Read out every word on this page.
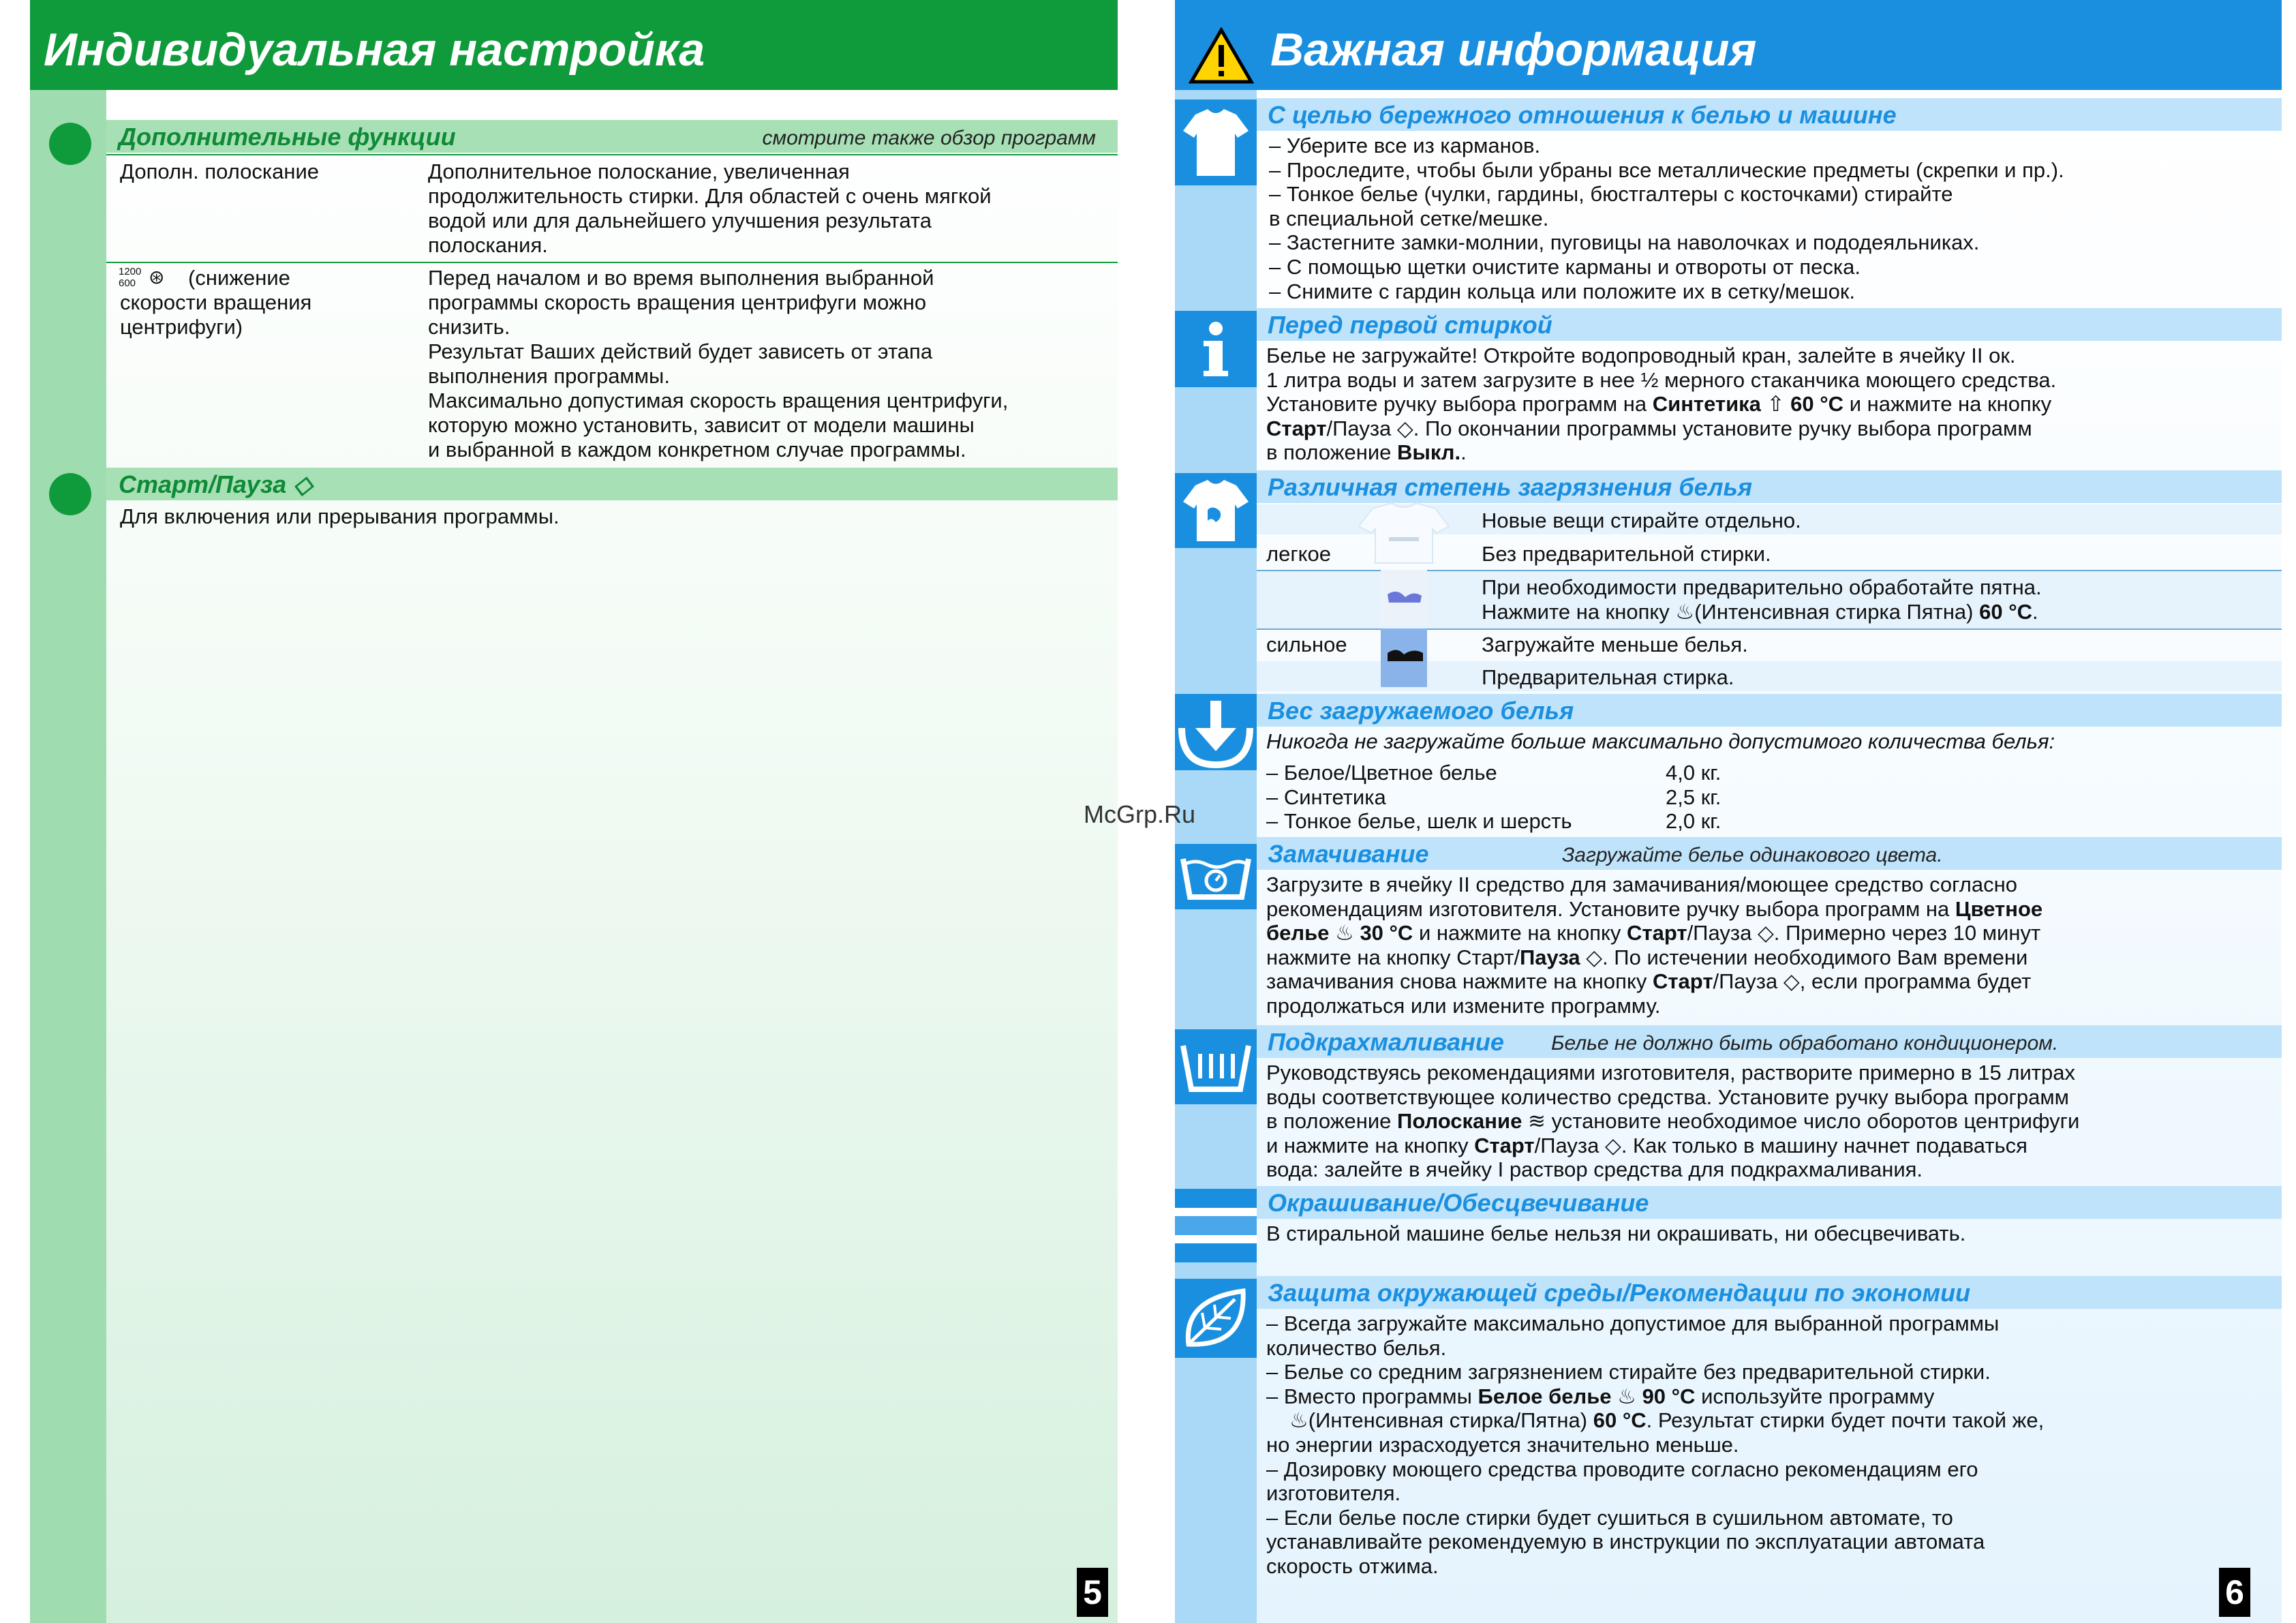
Индивидуальная настройка
Дополнительные функции	смотрите также обзор программ
Дополн. полоскание	Дополнительное полоскание, увеличенная
продолжительность стирки. Для областей с очень мягкой
водой или для дальнейшего улучшения результата
полоскания.
1200
600 ⊛	(снижение
скорости вращения
центрифуги)
Перед началом и во время выполнения выбранной
программы скорость вращения центрифуги можно
снизить.
Результат Ваших действий будет зависеть от этапа
выполнения программы.
Максимально допустимая скорость вращения центрифуги,
которую можно установить, зависит от модели машины
и выбранной в каждом конкретном случае программы.
Старт/Пауза ◇
Для включения или прерывания программы.
5
Важная информация
С целью бережного отношения к белью и машине
– Уберите все из карманов.
– Проследите, чтобы были убраны все металлические предметы (скрепки и пр.).
– Тонкое белье (чулки, гардины, бюстгалтеры с косточками) стирайте
в специальной сетке/мешке.
– Застегните замки-молнии, пуговицы на наволочках и пододеяльниках.
– С помощью щетки очистите карманы и отвороты от песка.
– Снимите с гардин кольца или положите их в сетку/мешок.
Перед первой стиркой
Белье не загружайте! Откройте водопроводный кран, залейте в ячейку II ок.
1 литра воды и затем загрузите в нее ½ мерного стаканчика моющего средства.
Установите ручку выбора программ на Синтетика ⇧ 60 °C и нажмите на кнопку
Старт/Пауза ◇. По окончании программы установите ручку выбора программ
в положение Выкл..
Различная степень загрязнения белья
Новые вещи стирайте отдельно.
легкое	Без предварительной стирки.
При необходимости предварительно обработайте пятна.
Нажмите на кнопку ♨(Интенсивная стирка Пятна) 60 °C.
сильное	Загружайте меньше белья.
Предварительная стирка.
Вес загружаемого белья
Никогда не загружайте больше максимально допустимого количества белья:
– Белое/Цветное белье	4,0 кг.
– Синтетика	2,5 кг.
– Тонкое белье, шелк и шерсть	2,0 кг.
McGrp.Ru
Замачивание	Загружайте белье одинакового цвета.
Загрузите в ячейку II средство для замачивания/моющее средство согласно
рекомендациям изготовителя. Установите ручку выбора программ на Цветное
белье ♨ 30 °C и нажмите на кнопку Старт/Пауза ◇. Примерно через 10 минут
нажмите на кнопку Старт/Пауза ◇. По истечении необходимого Вам времени
замачивания снова нажмите на кнопку Старт/Пауза ◇, если программа будет
продолжаться или измените программу.
Подкрахмаливание Белье не должно быть обработано кондиционером.
Руководствуясь рекомендациями изготовителя, растворите примерно в 15 литрах
воды соответствующее количество средства. Установите ручку выбора программ
в положение Полоскание ≋ установите необходимое число оборотов центрифуги
и нажмите на кнопку Старт/Пауза ◇. Как только в машину начнет подаваться
вода: залейте в ячейку I раствор средства для подкрахмаливания.
Окрашивание/Обесцвечивание
В стиральной машине белье нельзя ни окрашивать, ни обесцвечивать.
Защита окружающей среды/Рекомендации по экономии
– Всегда загружайте максимально допустимое для выбранной программы
количество белья.
– Белье со средним загрязнением стирайте без предварительной стирки.
– Вместо программы Белое белье ♨ 90 °C используйте программу
♨(Интенсивная стирка/Пятна) 60 °C. Результат стирки будет почти такой же,
но энергии израсходуется значительно меньше.
– Дозировку моющего средства проводите согласно рекомендациям его
изготовителя.
– Если белье после стирки будет сушиться в сушильном автомате, то
устанавливайте рекомендуемую в инструкции по эксплуатации автомата
скорость отжима.
6
